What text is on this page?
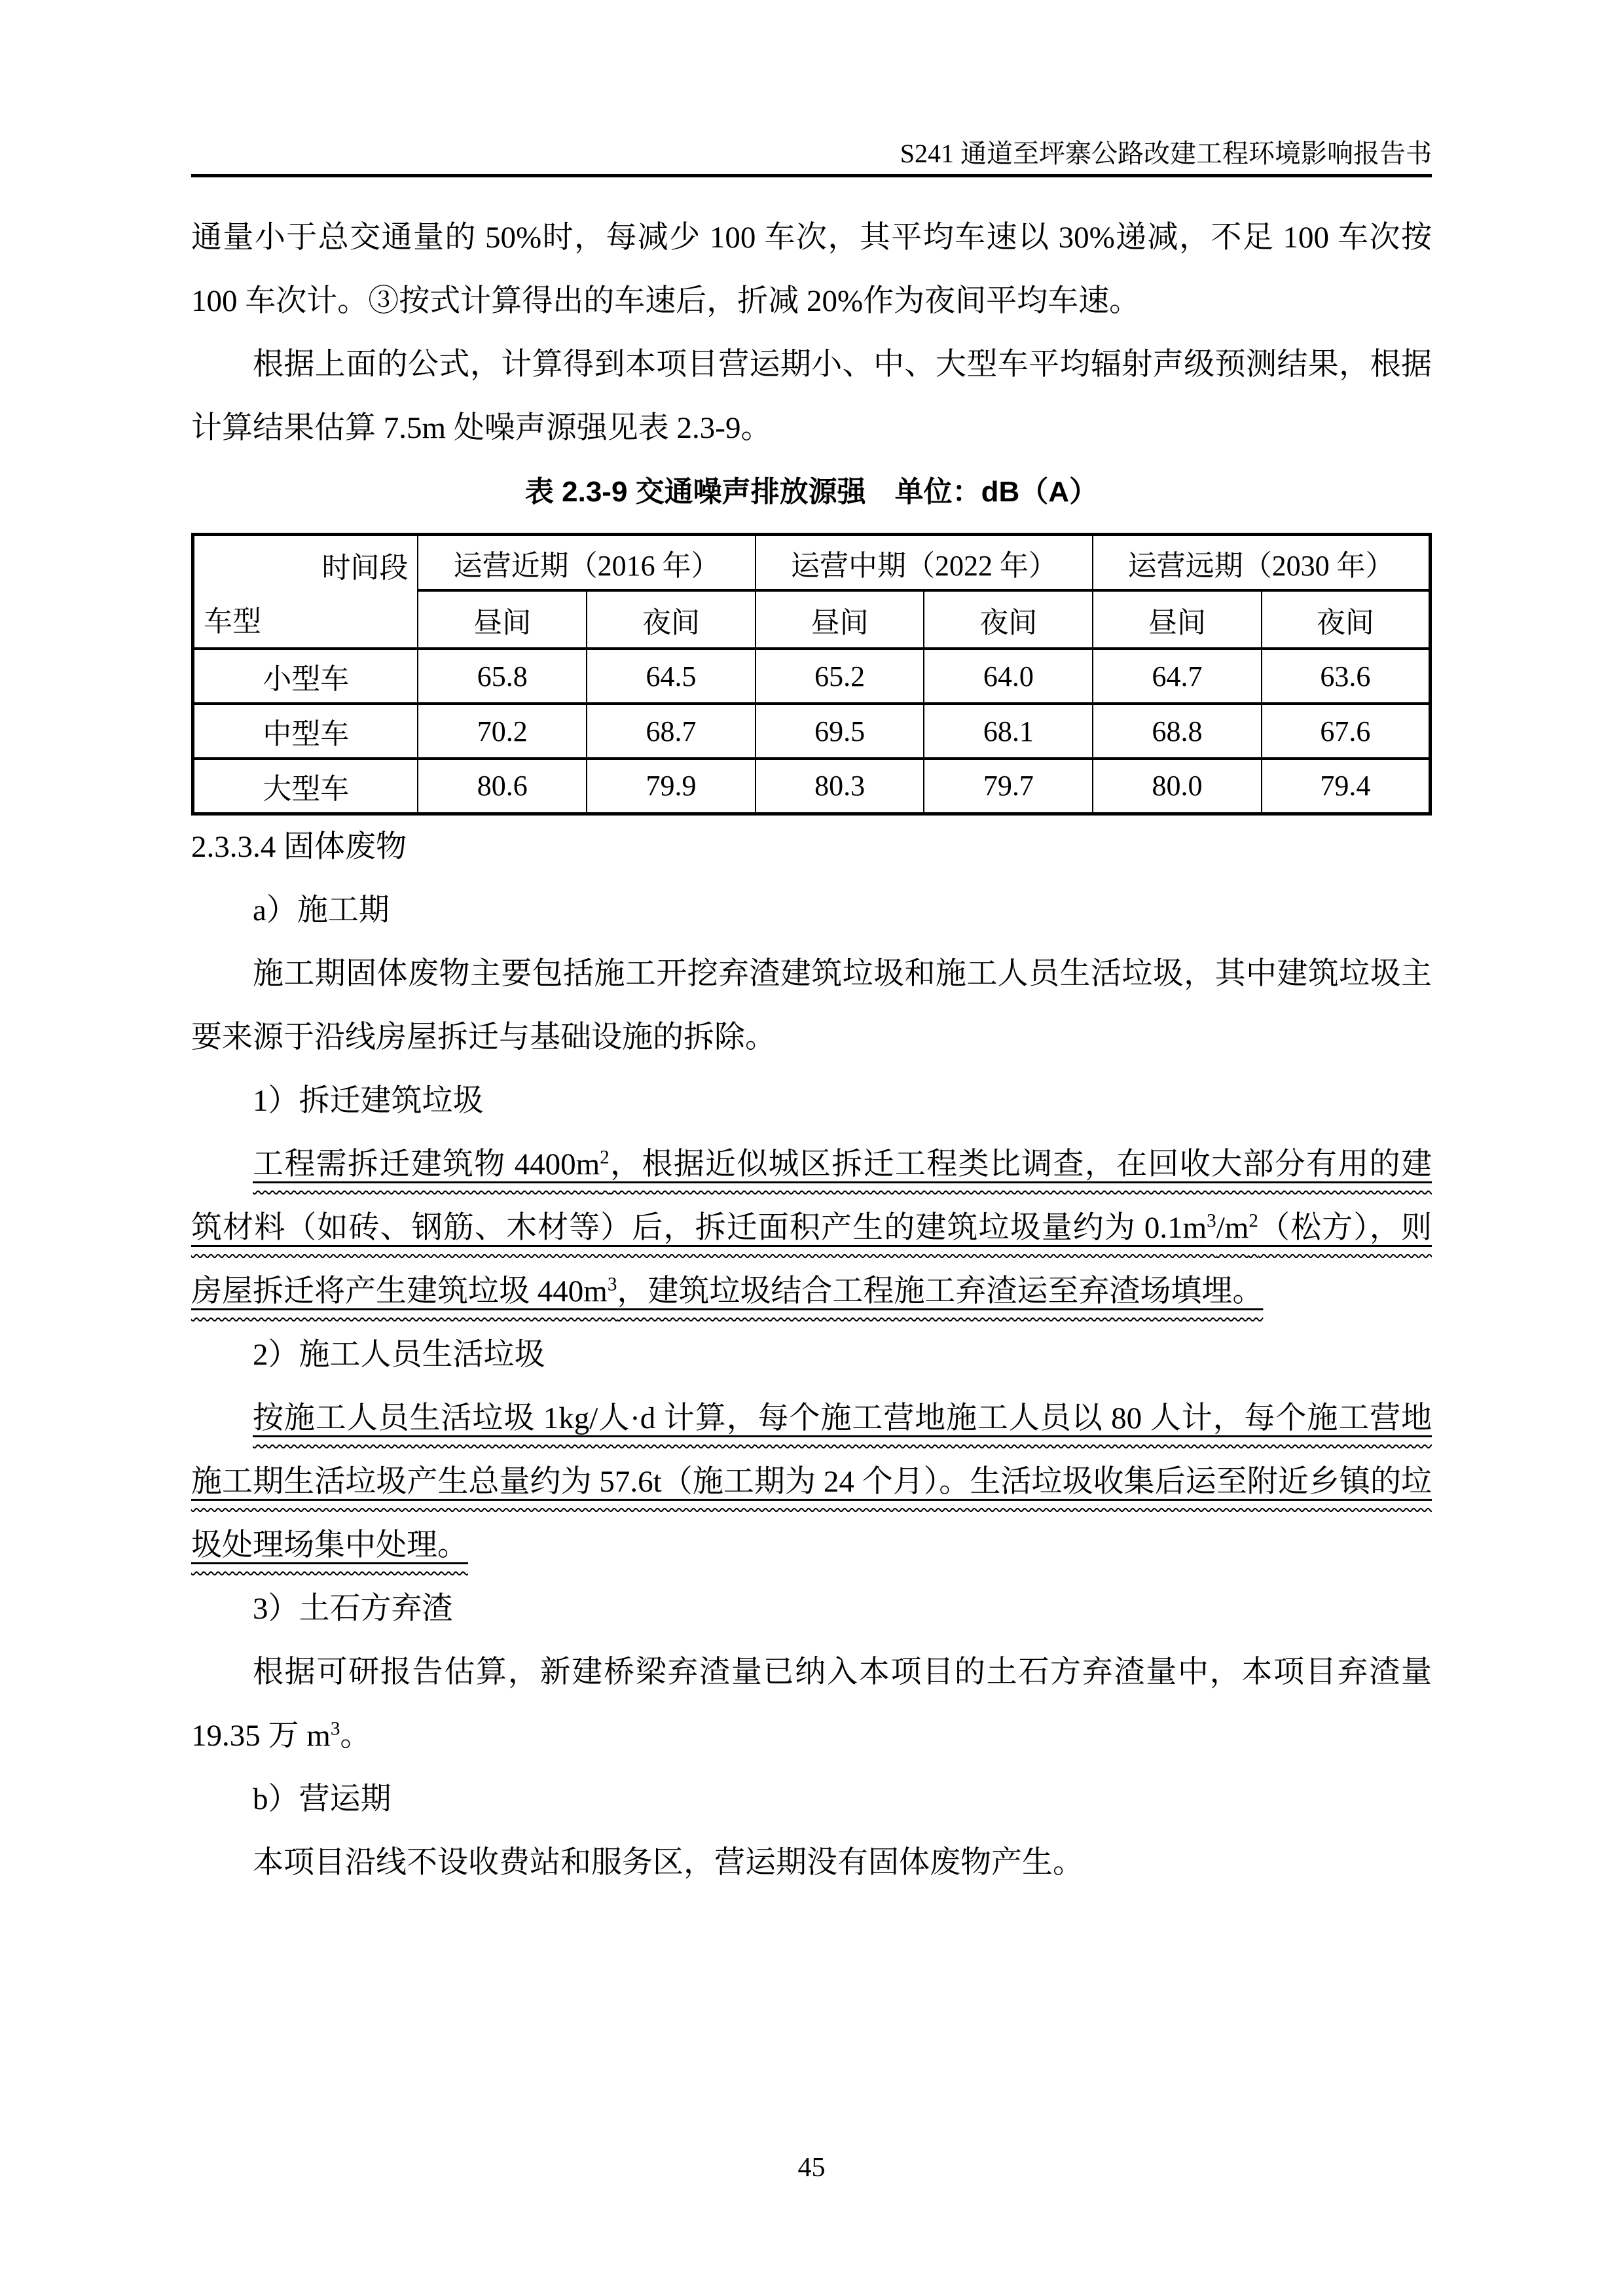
S241 通道至坪寨公路改建工程环境影响报告书

通量小于总交通量的 50%时，每减少 100 车次，其平均车速以 30%递减，不足 100 车次按 100 车次计。③按式计算得出的车速后，折减 20%作为夜间平均车速。

根据上面的公式，计算得到本项目营运期小、中、大型车平均辐射声级预测结果，根据计算结果估算 7.5m 处噪声源强见表 2.3-9。

表 2.3-9 交通噪声排放源强　单位：dB（A）

时间段
车型	运营近期（2016 年）		运营中期（2022 年）		运营远期（2030 年）	
	昼间	夜间	昼间	夜间	昼间	夜间
小型车	65.8	64.5	65.2	64.0	64.7	63.6
中型车	70.2	68.7	69.5	68.1	68.8	67.6
大型车	80.6	79.9	80.3	79.7	80.0	79.4
2.3.3.4 固体废物

a）施工期

施工期固体废物主要包括施工开挖弃渣建筑垃圾和施工人员生活垃圾，其中建筑垃圾主要来源于沿线房屋拆迁与基础设施的拆除。

1）拆迁建筑垃圾

工程需拆迁建筑物 $4400m^2$，根据近似城区拆迁工程类比调查，在回收大部分有用的建筑材料（如砖、钢筋、木材等）后，拆迁面积产生的建筑垃圾量约为 $0.1m^3/m^2$（松方），则房屋拆迁将产生建筑垃圾 $440m^3$，建筑垃圾结合工程施工弃渣运至弃渣场填埋。

2）施工人员生活垃圾

按施工人员生活垃圾 1kg/人·d 计算，每个施工营地施工人员以 80 人计，每个施工营地施工期生活垃圾产生总量约为 57.6t（施工期为 24 个月）。生活垃圾收集后运至附近乡镇的垃圾处理场集中处理。

3）土石方弃渣

根据可研报告估算，新建桥梁弃渣量已纳入本项目的土石方弃渣量中，本项目弃渣量 19.35 万 $m^3$。

b）营运期

本项目沿线不设收费站和服务区，营运期没有固体废物产生。

45
